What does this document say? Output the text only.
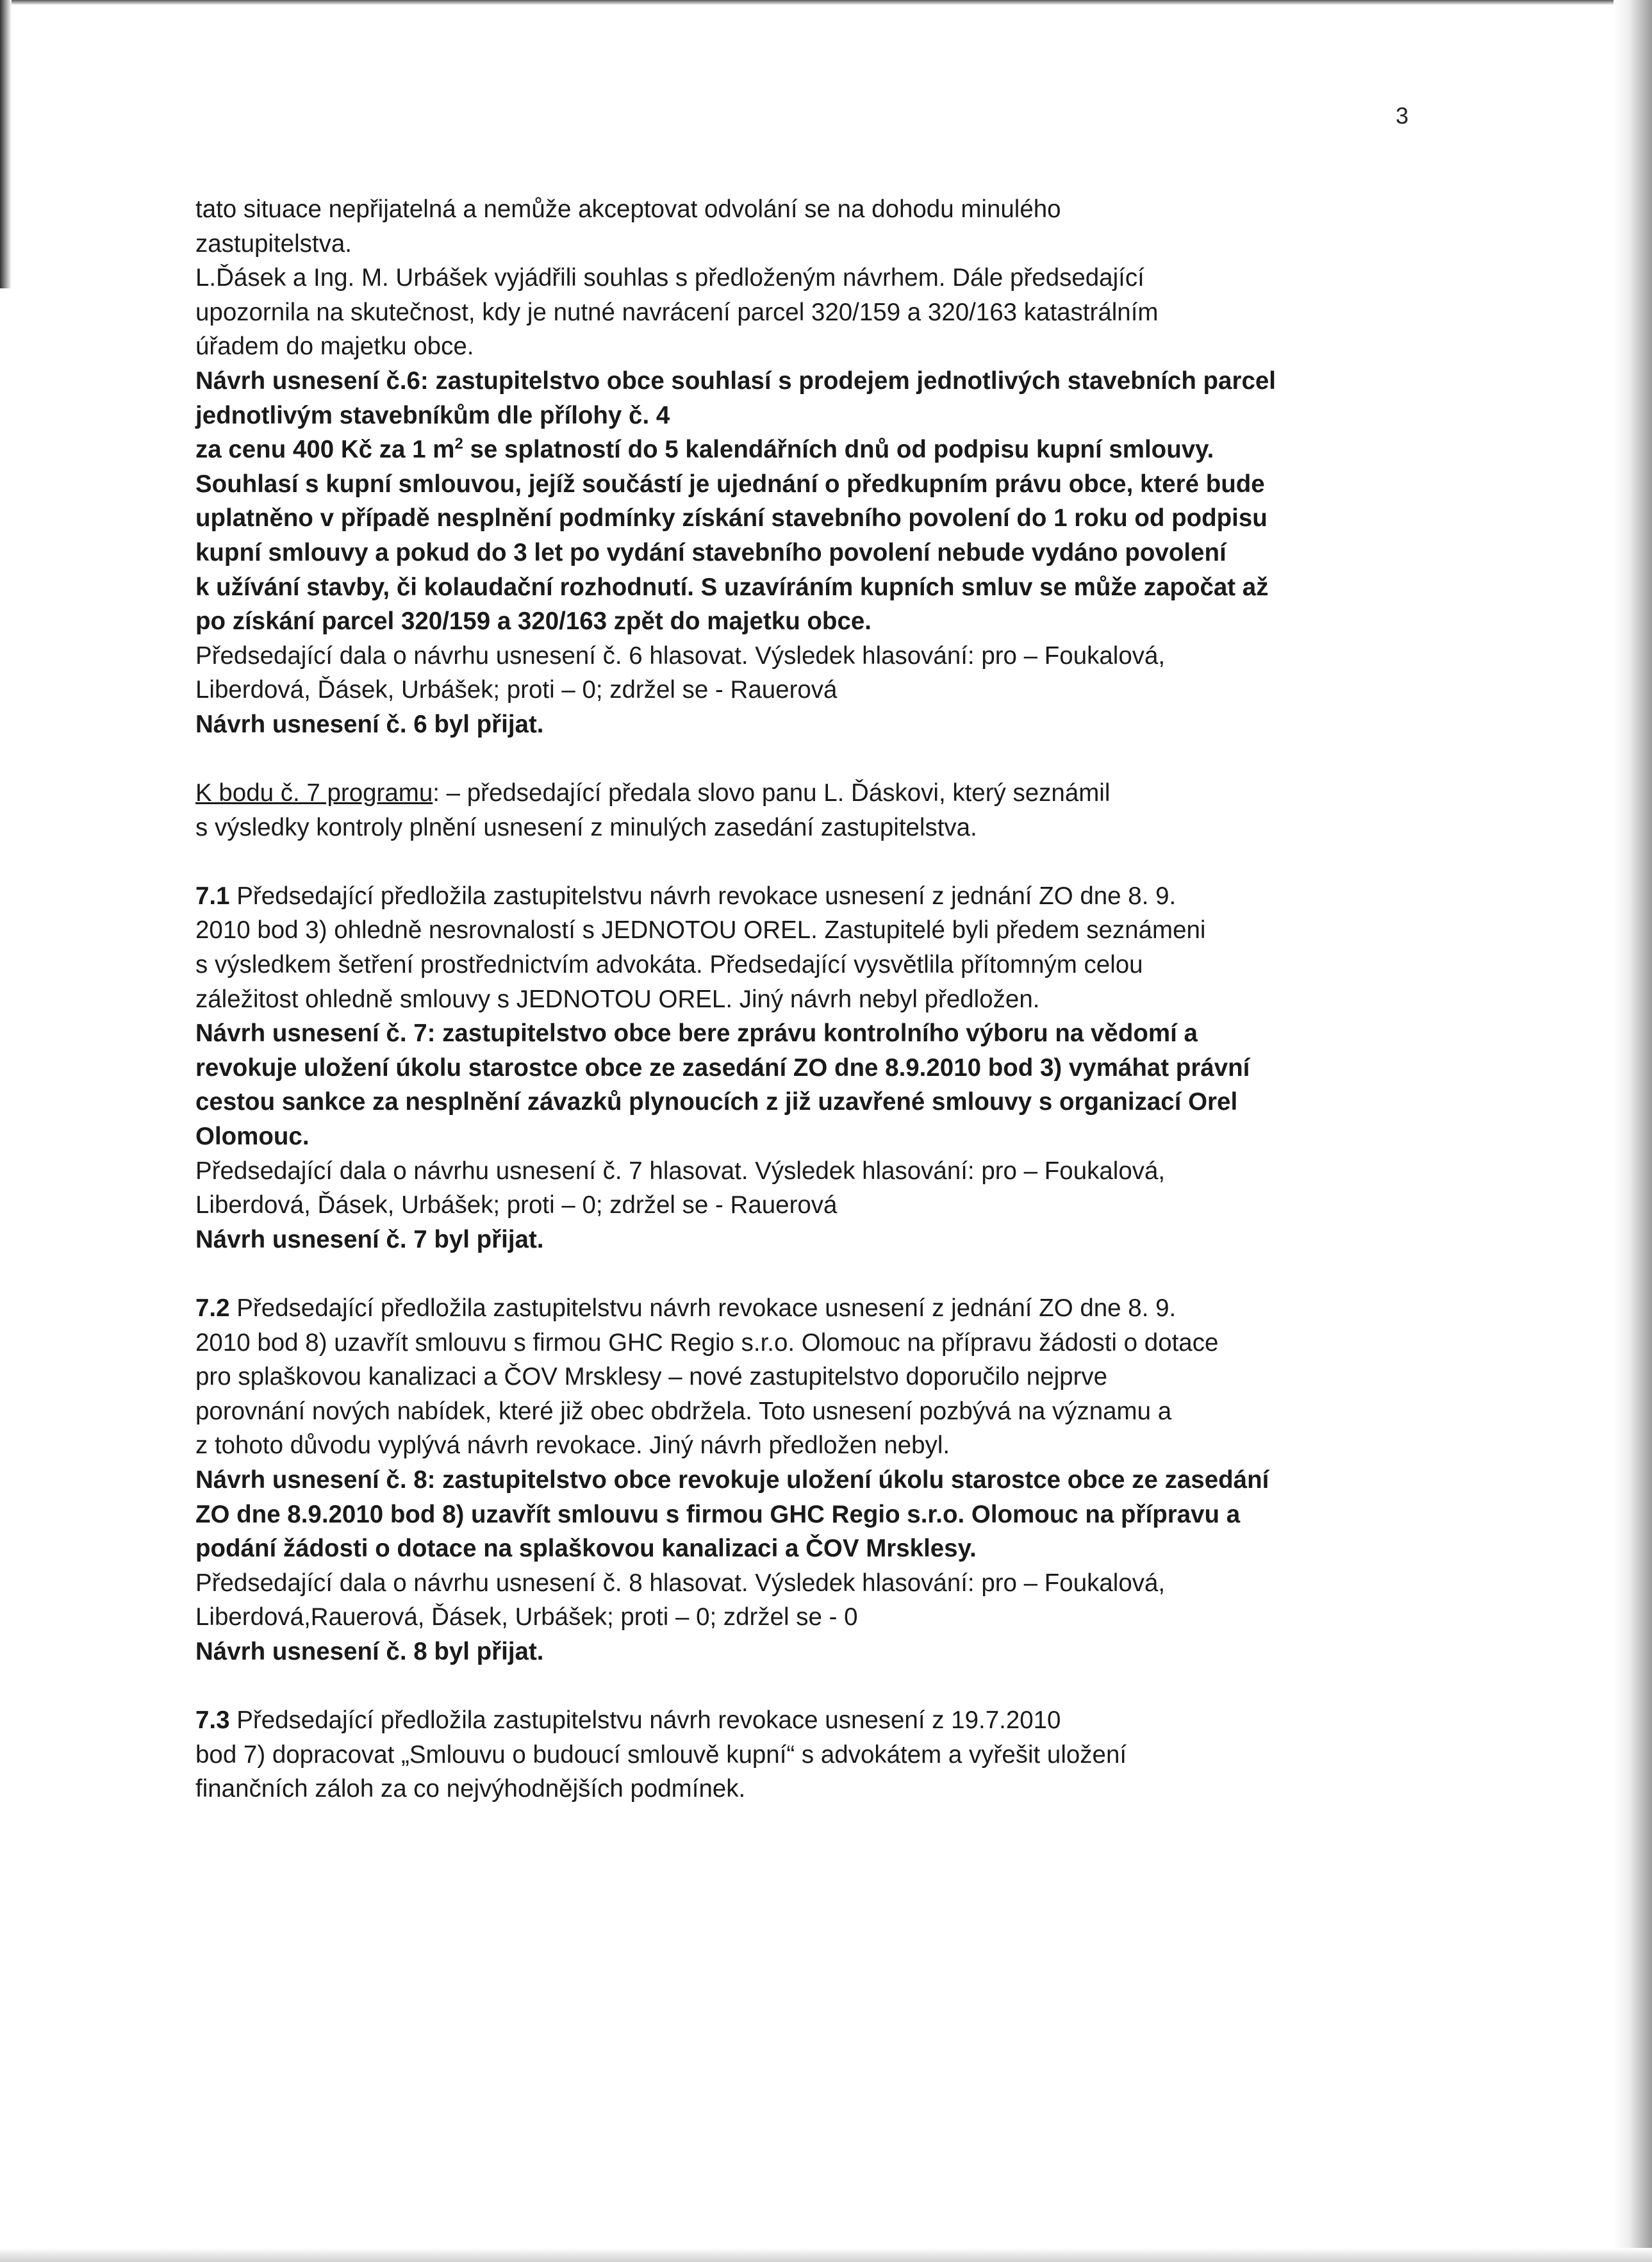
3

tato situace nepřijatelná a nemůže akceptovat odvolání se na dohodu minulého

zastupitelstva.

L.Ďásek a Ing. M. Urbášek vyjádřili souhlas s předloženým návrhem. Dále předsedající

upozornila na skutečnost, kdy je nutné navrácení parcel 320/159 a 320/163 katastrálním

úřadem do majetku obce.

Návrh usnesení č.6: zastupitelstvo obce souhlasí s prodejem jednotlivých stavebních parcel

jednotlivým stavebníkům dle přílohy č. 4

za cenu 400 Kč za 1 $m^2$ se splatností do 5 kalendářních dnů od podpisu kupní smlouvy.

Souhlasí s kupní smlouvou, jejíž součástí je ujednání o předkupním právu obce, které bude

uplatněno v případě nesplnění podmínky získání stavebního povolení do 1 roku od podpisu

kupní smlouvy a pokud do 3 let po vydání stavebního povolení nebude vydáno povolení

k užívání stavby, či kolaudační rozhodnutí. S uzavíráním kupních smluv se může započat až

po získání parcel 320/159 a 320/163 zpět do majetku obce.

Předsedající dala o návrhu usnesení č. 6 hlasovat. Výsledek hlasování: pro – Foukalová,

Liberdová, Ďásek, Urbášek; proti – 0; zdržel se - Rauerová

Návrh usnesení č. 6 byl přijat.

K bodu č. 7 programu: – předsedající předala slovo panu L. Ďáskovi, který seznámil

s výsledky kontroly plnění usnesení z minulých zasedání zastupitelstva.

7.1 Předsedající předložila zastupitelstvu návrh revokace usnesení z jednání ZO dne 8. 9.

2010 bod 3) ohledně nesrovnalostí s JEDNOTOU OREL. Zastupitelé byli předem seznámeni

s výsledkem šetření prostřednictvím advokáta. Předsedající vysvětlila přítomným celou

záležitost ohledně smlouvy s JEDNOTOU OREL. Jiný návrh nebyl předložen.

Návrh usnesení č. 7: zastupitelstvo obce bere zprávu kontrolního výboru na vědomí a

revokuje uložení úkolu starostce obce ze zasedání ZO dne 8.9.2010 bod 3) vymáhat právní

cestou sankce za nesplnění závazků plynoucích z již uzavřené smlouvy s organizací Orel

Olomouc.

Předsedající dala o návrhu usnesení č. 7 hlasovat. Výsledek hlasování: pro – Foukalová,

Liberdová, Ďásek, Urbášek; proti – 0; zdržel se - Rauerová

Návrh usnesení č. 7 byl přijat.

7.2 Předsedající předložila zastupitelstvu návrh revokace usnesení z jednání ZO dne 8. 9.

2010 bod 8) uzavřít smlouvu s firmou GHC Regio s.r.o. Olomouc na přípravu žádosti o dotace

pro splaškovou kanalizaci a ČOV Mrsklesy – nové zastupitelstvo doporučilo nejprve

porovnání nových nabídek, které již obec obdržela. Toto usnesení pozbývá na významu a

z tohoto důvodu vyplývá návrh revokace. Jiný návrh předložen nebyl.

Návrh usnesení č. 8: zastupitelstvo obce revokuje uložení úkolu starostce obce ze zasedání

ZO dne 8.9.2010 bod 8) uzavřít smlouvu s firmou GHC Regio s.r.o. Olomouc na přípravu a

podání žádosti o dotace na splaškovou kanalizaci a ČOV Mrsklesy.

Předsedající dala o návrhu usnesení č. 8 hlasovat. Výsledek hlasování: pro – Foukalová,

Liberdová,Rauerová, Ďásek, Urbášek; proti – 0; zdržel se - 0

Návrh usnesení č. 8 byl přijat.

7.3 Předsedající předložila zastupitelstvu návrh revokace usnesení z 19.7.2010

bod 7) dopracovat „Smlouvu o budoucí smlouvě kupní“ s advokátem a vyřešit uložení

finančních záloh za co nejvýhodnějších podmínek.
